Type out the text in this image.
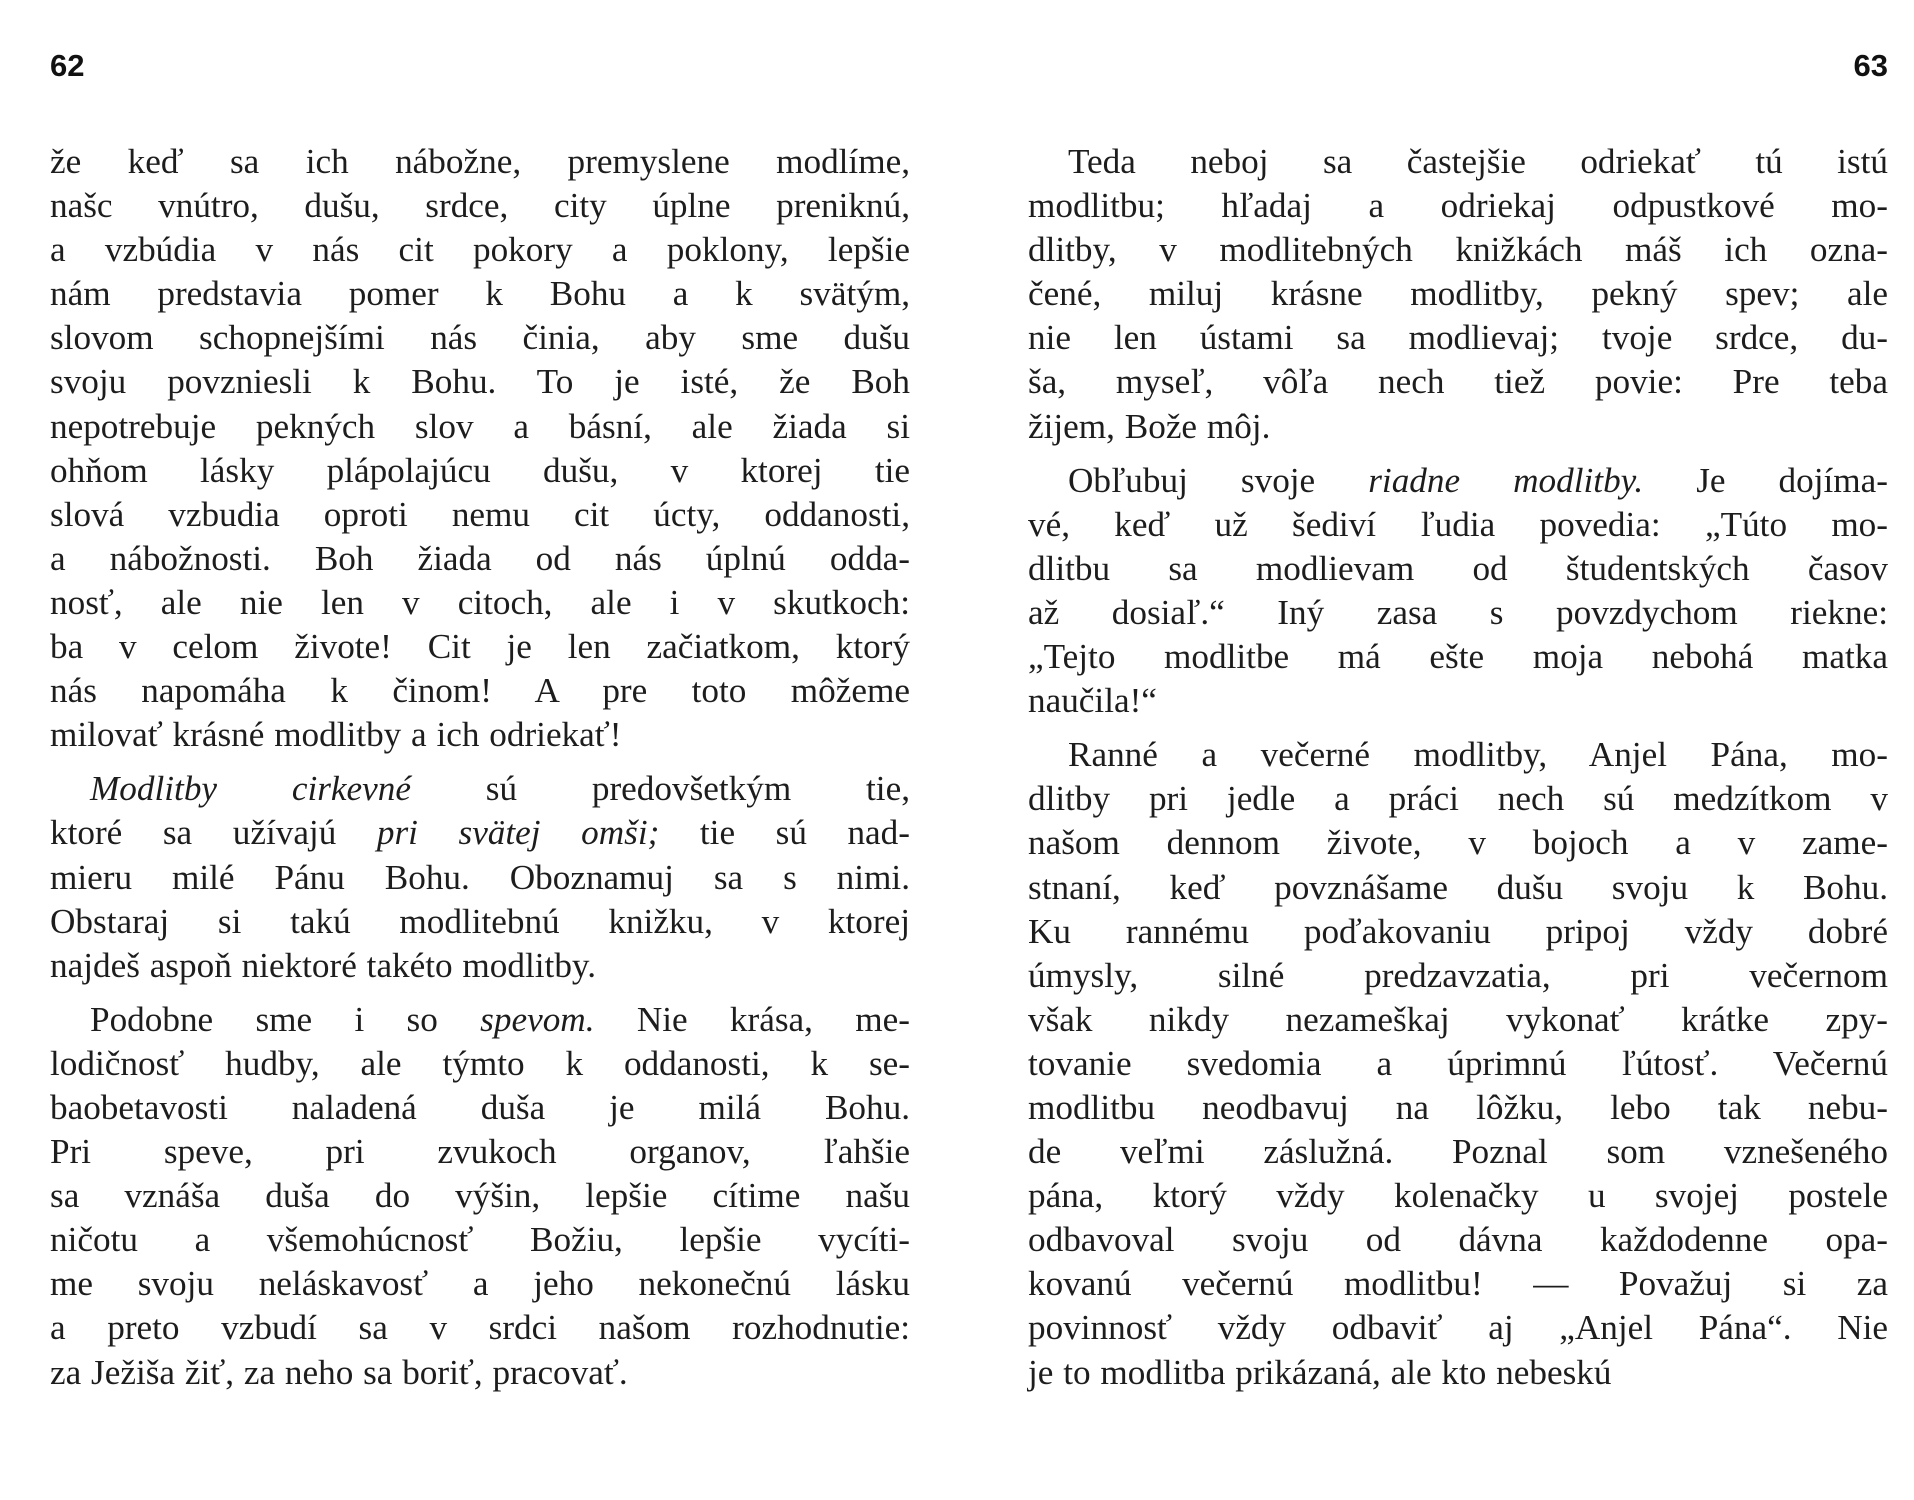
62

že keď sa ich nábožne, premyslene modlíme,
našc vnútro, dušu, srdce, city úplne preniknú,
a vzbúdia v nás cit pokory a poklony, lepšie
nám predstavia pomer k Bohu a k svätým,
slovom schopnejšími nás činia, aby sme dušu
svoju povzniesli k Bohu. To je isté, že Boh
nepotrebuje pekných slov a básní, ale žiada si
ohňom lásky plápolajúcu dušu, v ktorej tie
slová vzbudia oproti nemu cit úcty, oddanosti,
a nábožnosti. Boh žiada od nás úplnú odda-
nosť, ale nie len v citoch, ale i v skutkoch:
ba v celom živote! Cit je len začiatkom, ktorý
nás napomáha k činom! A pre toto môžeme
milovať krásné modlitby a ich odriekať!

Modlitby cirkevné sú predovšetkým tie,
ktoré sa užívajú pri svätej omši; tie sú nad-
mieru milé Pánu Bohu. Oboznamuj sa s nimi.
Obstaraj si takú modlitebnú knižku, v ktorej
najdeš aspoň niektoré takéto modlitby.

Podobne sme i so spevom. Nie krása, me-
lodičnosť hudby, ale týmto k oddanosti, k se-
baobetavosti naladená duša je milá Bohu.
Pri speve, pri zvukoch organov, ľahšie
sa vznáša duša do výšin, lepšie cítime našu
ničotu a všemohúcnosť Božiu, lepšie vycíti-
me svoju neláskavosť a jeho nekonečnú lásku
a preto vzbudí sa v srdci našom rozhodnutie:
za Ježiša žiť, za neho sa boriť, pracovať.

63

Teda neboj sa častejšie odriekať tú istú
modlitbu; hľadaj a odriekaj odpustkové mo-
dlitby, v modlitebných knižkách máš ich ozna-
čené, miluj krásne modlitby, pekný spev; ale
nie len ústami sa modlievaj; tvoje srdce, du-
ša, myseľ, vôľa nech tiež povie: Pre teba
žijem, Bože môj.

Obľubuj svoje riadne modlitby. Je dojíma-
vé, keď už šediví ľudia povedia: „Túto mo-
dlitbu sa modlievam od študentských časov
až dosiaľ.“ Iný zasa s povzdychom riekne:
„Tejto modlitbe má ešte moja nebohá matka
naučila!“

Ranné a večerné modlitby, Anjel Pána, mo-
dlitby pri jedle a práci nech sú medzítkom v
našom dennom živote, v bojoch a v zame-
stnaní, keď povznášame dušu svoju k Bohu.
Ku rannému poďakovaniu pripoj vždy dobré
úmysly, silné predzavzatia, pri večernom
však nikdy nezameškaj vykonať krátke zpy-
tovanie svedomia a úprimnú ľútosť. Večernú
modlitbu neodbavuj na lôžku, lebo tak nebu-
de veľmi záslužná. Poznal som vznešeného
pána, ktorý vždy kolenačky u svojej postele
odbavoval svoju od dávna každodenne opa-
kovanú večernú modlitbu! — Považuj si za
povinnosť vždy odbaviť aj „Anjel Pána“. Nie
je to modlitba prikázaná, ale kto nebeskú
